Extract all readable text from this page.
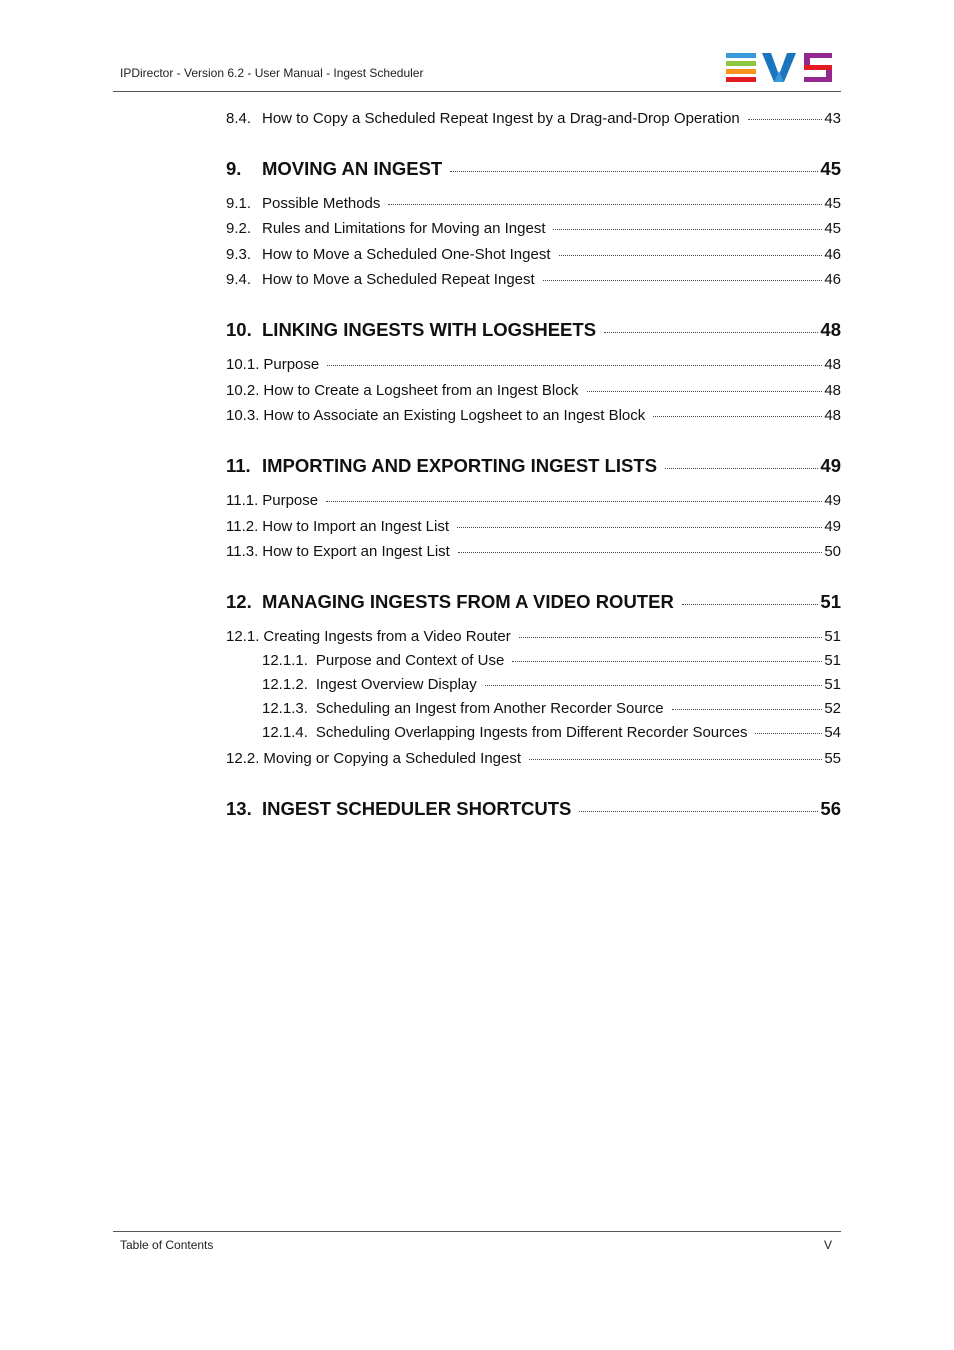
IPDirector - Version 6.2 - User Manual - Ingest Scheduler
8.4. How to Copy a Scheduled Repeat Ingest by a Drag-and-Drop Operation	43
9.	MOVING AN INGEST	45
9.1. Possible Methods	45
9.2. Rules and Limitations for Moving an Ingest	45
9.3. How to Move a Scheduled One-Shot Ingest	46
9.4. How to Move a Scheduled Repeat Ingest	46
10. LINKING INGESTS WITH LOGSHEETS	48
10.1. Purpose	48
10.2. How to Create a Logsheet from an Ingest Block	48
10.3. How to Associate an Existing Logsheet to an Ingest Block	48
11. IMPORTING AND EXPORTING INGEST LISTS	49
11.1. Purpose	49
11.2. How to Import an Ingest List	49
11.3. How to Export an Ingest List	50
12. MANAGING INGESTS FROM A VIDEO ROUTER	51
12.1. Creating Ingests from a Video Router	51
12.1.1. Purpose and Context of Use	51
12.1.2. Ingest Overview Display	51
12.1.3. Scheduling an Ingest from Another Recorder Source	52
12.1.4. Scheduling Overlapping Ingests from Different Recorder Sources	54
12.2. Moving or Copying a Scheduled Ingest	55
13. INGEST SCHEDULER SHORTCUTS	56
Table of Contents	V
